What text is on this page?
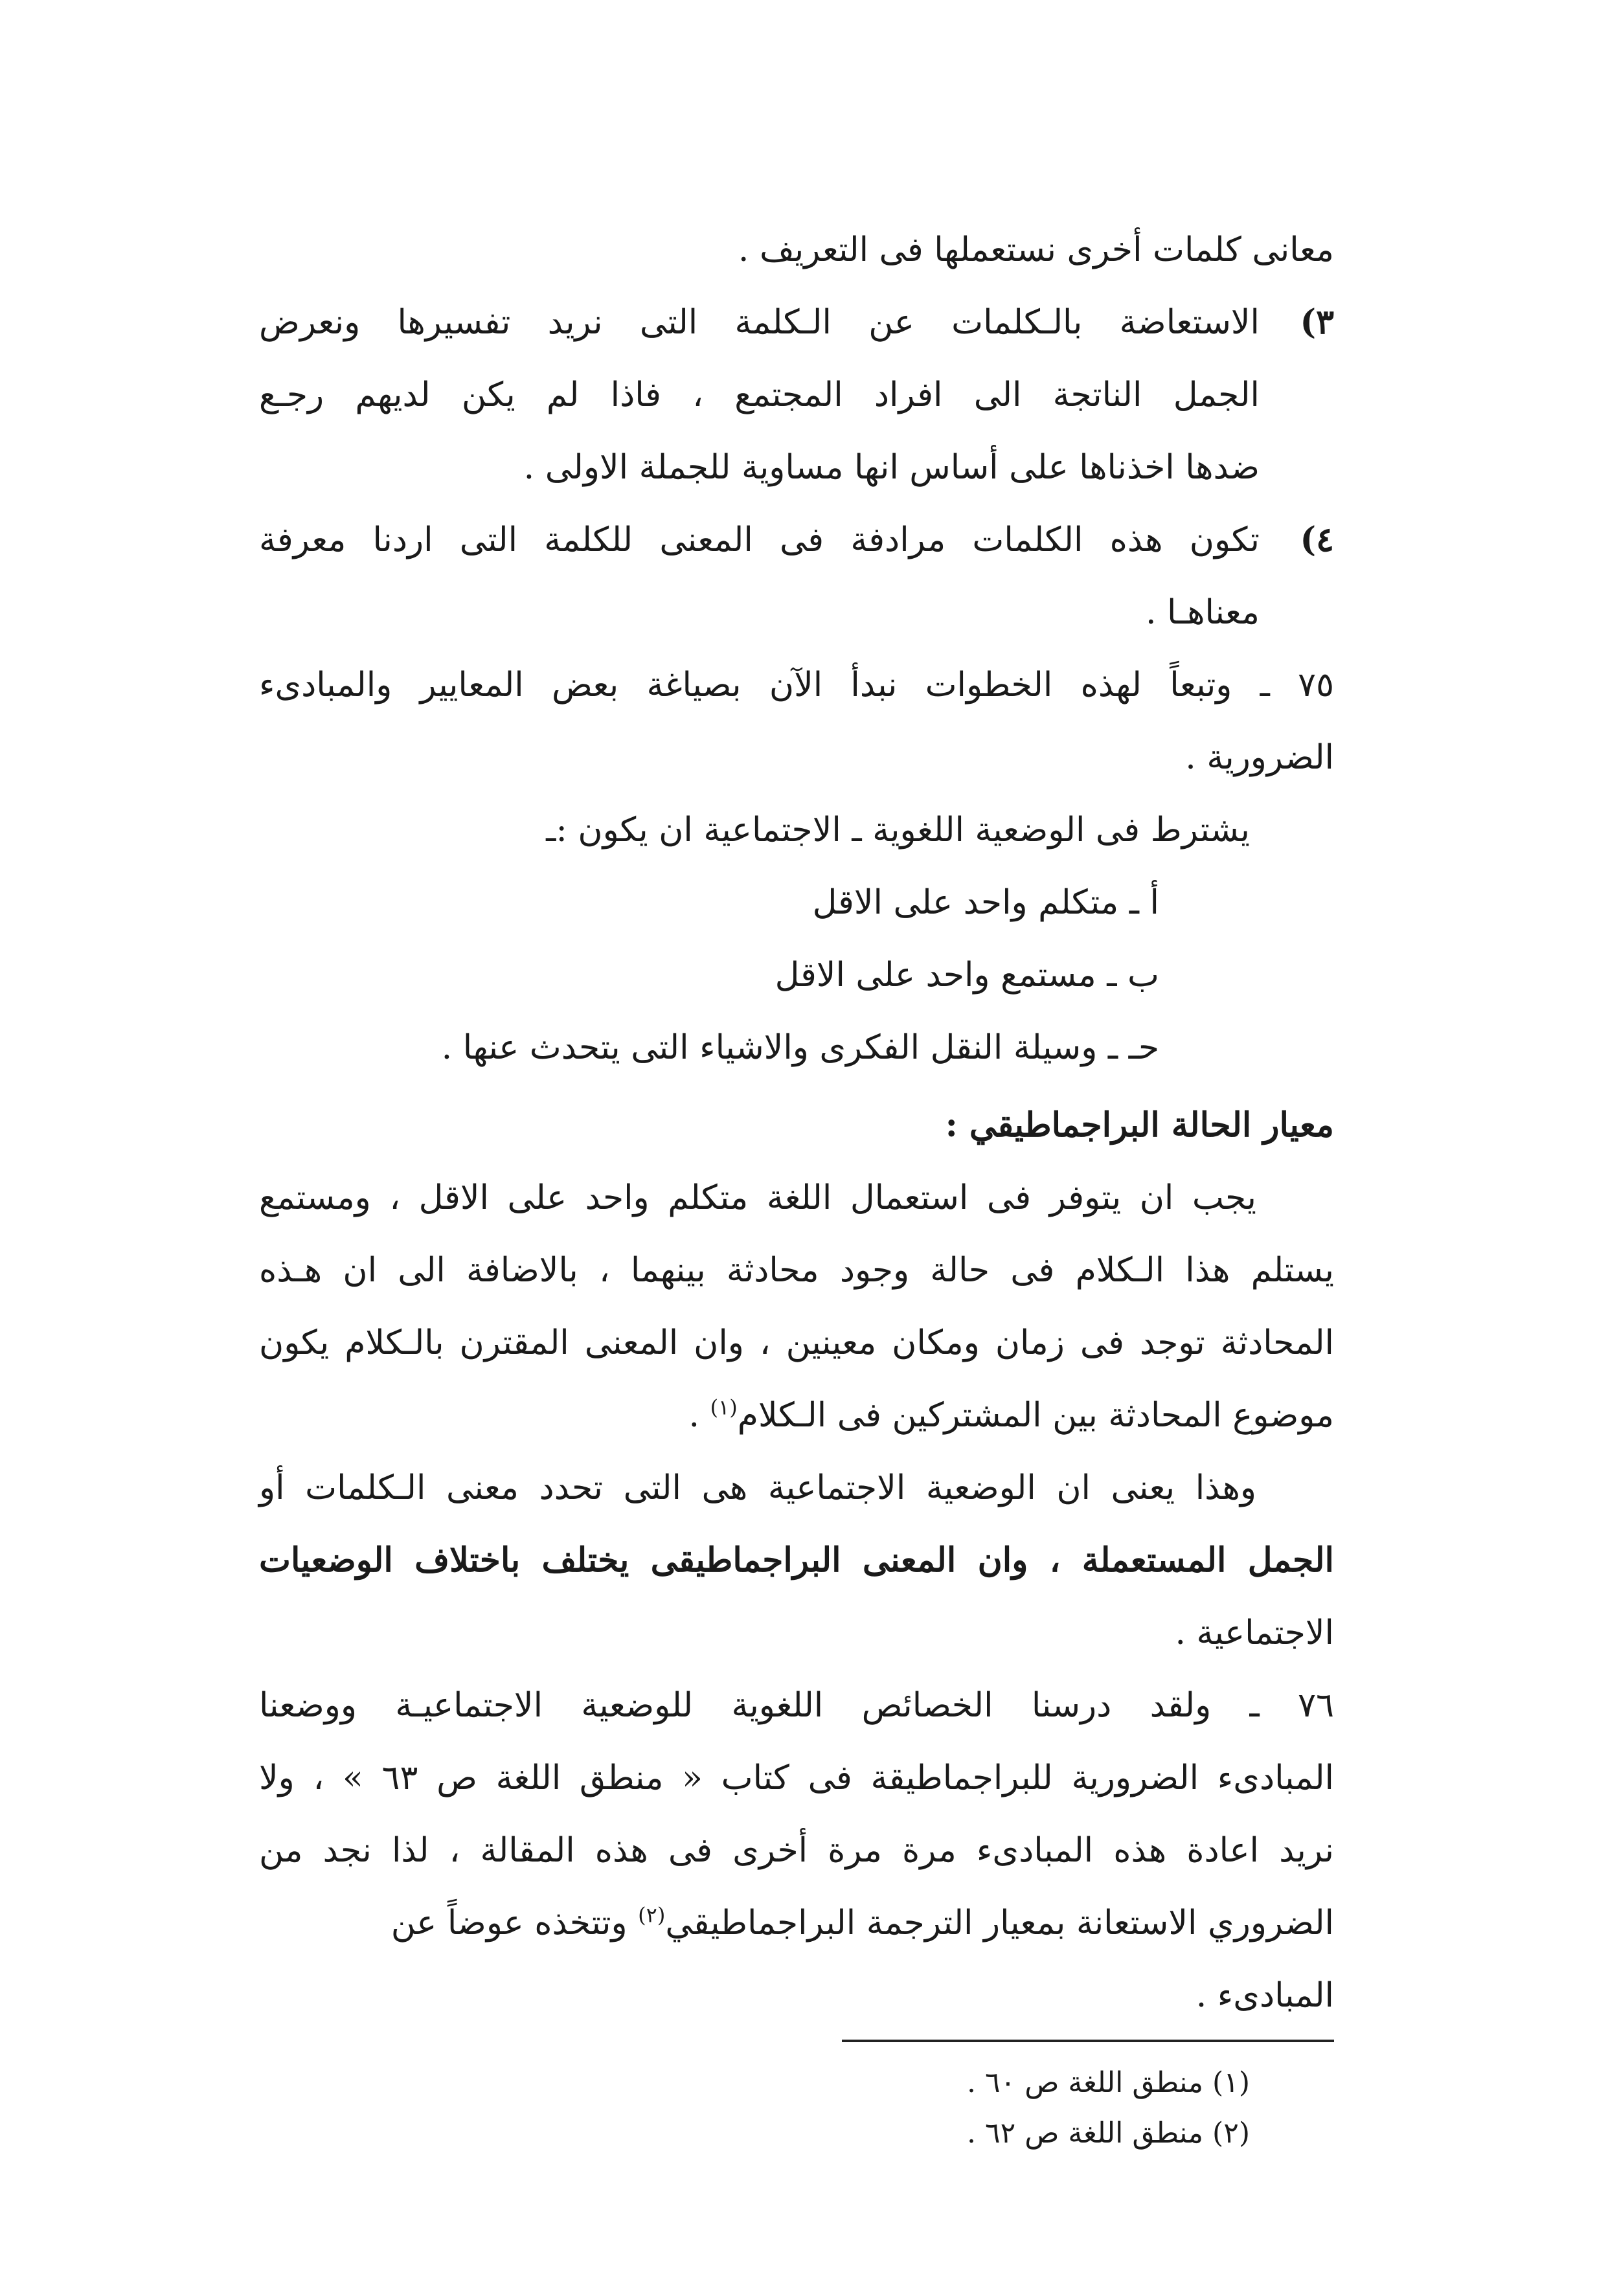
معانى كلمات أخرى نستعملها فى التعريف .
٣)
الاستعاضة بالـكلمات عن الـكلمة التى نريد تفسيرها ونعرض
الجمل الناتجة الى افراد المجتمع ، فاذا لم يكن لديهم رجـع
ضدها اخذناها على أساس انها مساوية للجملة الاولى .
٤)
تكون هذه الكلمات مرادفة فى المعنى للكلمة التى اردنا معرفة
معناهـا .
٧٥ ـ وتبعاً لهذه الخطوات نبدأ الآن بصياغة بعض المعايير والمبادىء
الضرورية .
يشترط فى الوضعية اللغوية ـ الاجتماعية ان يكون :ـ
أ ـ متكلم واحد على الاقل
ب ـ مستمع واحد على الاقل
حـ ـ وسيلة النقل الفكرى والاشياء التى يتحدث عنها .
معيار الحالة البراجماطيقي :
يجب ان يتوفر فى استعمال اللغة متكلم واحد على الاقل ، ومستمع
يستلم هذا الـكلام فى حالة وجود محادثة بينهما ، بالاضافة الى ان هـذه
المحادثة توجد فى زمان ومكان معينين ، وان المعنى المقترن بالـكلام يكون
موضوع المحادثة بين المشتركين فى الـكلام$^{(١)}$ .
وهذا يعنى ان الوضعية الاجتماعية هى التى تحدد معنى الـكلمات أو
الجمل المستعملة ، وان المعنى البراجماطيقى يختلف باختلاف الوضعيات
الاجتماعية .
٧٦ ـ ولقد درسنا الخصائص اللغوية للوضعية الاجتماعيـة ووضعنا
المبادىء الضرورية للبراجماطيقة فى كتاب « منطق اللغة ص ٦٣ » ، ولا
نريد اعادة هذه المبادىء مرة مرة أخرى فى هذه المقالة ، لذا نجد من
الضروري الاستعانة بمعيار الترجمة البراجماطيقي$^{(٢)}$ وتتخذه عوضاً عن
المبادىء .
(١) منطق اللغة ص ٦٠ .
(٢) منطق اللغة ص ٦٢ .
